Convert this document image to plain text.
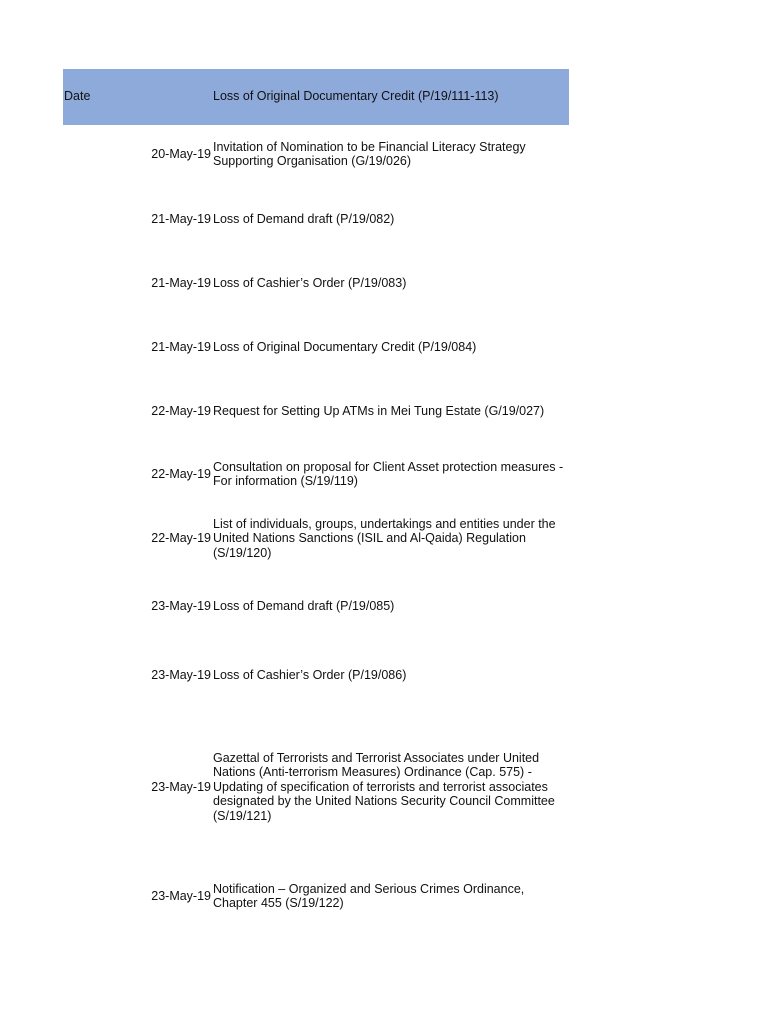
Date	Loss of Original Documentary Credit (P/19/111-113)
20-May-19
Invitation of Nomination to be Financial Literacy Strategy Supporting Organisation (G/19/026)
21-May-19 Loss of Demand draft (P/19/082)
21-May-19 Loss of Cashier’s Order (P/19/083)
21-May-19 Loss of Original Documentary Credit (P/19/084)
22-May-19 Request for Setting Up ATMs in Mei Tung Estate (G/19/027)
22-May-19
Consultation on proposal for Client Asset protection measures - For information (S/19/119)
22-May-19
List of individuals, groups, undertakings and entities under the United Nations Sanctions (ISIL and Al-Qaida) Regulation (S/19/120)
23-May-19 Loss of Demand draft (P/19/085)
23-May-19 Loss of Cashier’s Order (P/19/086)
23-May-19
Gazettal of Terrorists and Terrorist Associates under United Nations (Anti-terrorism Measures) Ordinance (Cap. 575) - Updating of specification of terrorists and terrorist associates designated by the United Nations Security Council Committee (S/19/121)
23-May-19
Notification – Organized and Serious Crimes Ordinance, Chapter 455 (S/19/122)
